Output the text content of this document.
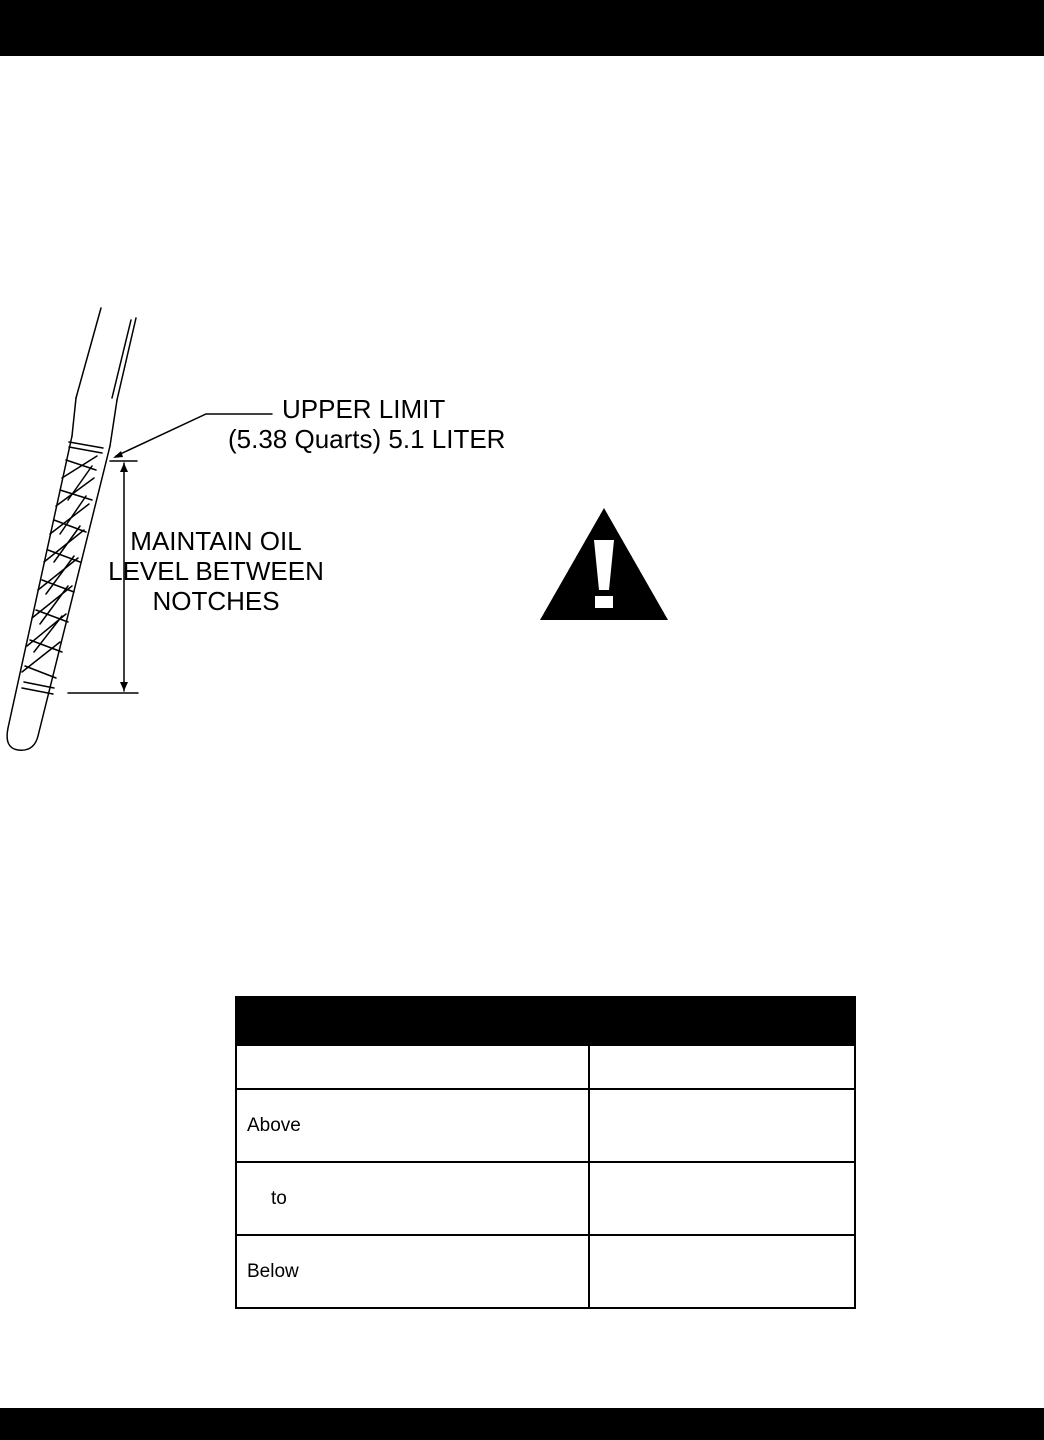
UPPER LIMIT
(5.38 Quarts) 5.1 LITER
MAINTAIN OIL
LEVEL BETWEEN
NOTCHES

Above	
to	
Below	
